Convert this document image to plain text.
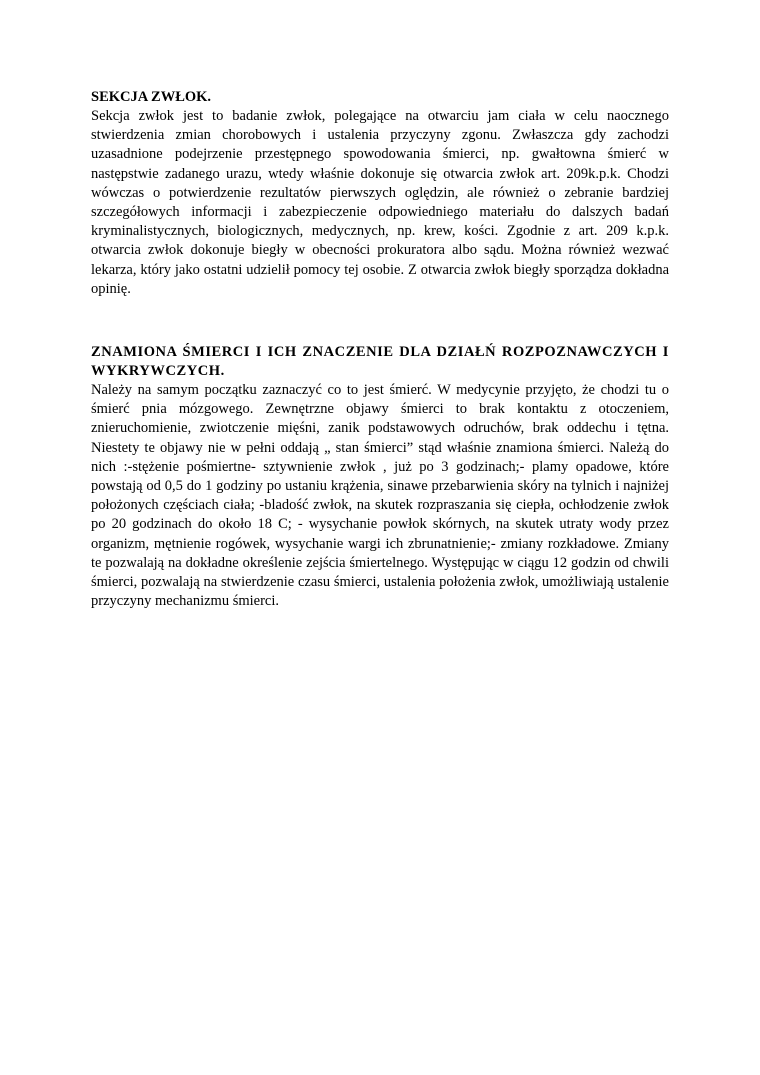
SEKCJA ZWŁOK.

Sekcja zwłok jest to badanie zwłok, polegające na otwarciu jam ciała w celu naocznego stwierdzenia zmian chorobowych i ustalenia przyczyny zgonu. Zwłaszcza gdy zachodzi uzasadnione podejrzenie przestępnego spowodowania śmierci, np. gwałtowna śmierć w następstwie zadanego urazu, wtedy właśnie dokonuje się otwarcia zwłok art. 209k.p.k. Chodzi wówczas o potwierdzenie rezultatów pierwszych oględzin, ale również o zebranie bardziej szczegółowych informacji i zabezpieczenie odpowiedniego materiału do dalszych badań kryminalistycznych, biologicznych, medycznych, np. krew, kości. Zgodnie z art. 209 k.p.k. otwarcia zwłok dokonuje biegły w obecności prokuratora albo sądu. Można również wezwać lekarza, który jako ostatni udzielił pomocy tej osobie. Z otwarcia zwłok biegły sporządza dokładna opinię.

ZNAMIONA ŚMIERCI I ICH ZNACZENIE DLA DZIAŁŃ ROZPOZNAWCZYCH I WYKRYWCZYCH.

Należy na samym początku zaznaczyć co to jest śmierć. W medycynie przyjęto, że chodzi tu o śmierć pnia mózgowego. Zewnętrzne objawy śmierci to brak kontaktu z otoczeniem, znieruchomienie, zwiotczenie mięśni, zanik podstawowych odruchów, brak oddechu i tętna. Niestety te objawy nie w pełni oddają „ stan śmierci” stąd właśnie znamiona śmierci. Należą do nich :-stężenie pośmiertne- sztywnienie zwłok , już po 3 godzinach;- plamy opadowe, które powstają od 0,5 do 1 godziny po ustaniu krążenia, sinawe przebarwienia skóry na tylnich i najniżej położonych częściach ciała; -bladość zwłok, na skutek rozpraszania się ciepła, ochłodzenie zwłok po 20 godzinach do około 18 C; - wysychanie powłok skórnych, na skutek utraty wody przez organizm, mętnienie rogówek, wysychanie wargi ich zbrunatnienie;- zmiany rozkładowe. Zmiany te pozwalają na dokładne określenie zejścia śmiertelnego. Występując w ciągu 12 godzin od chwili śmierci, pozwalają na stwierdzenie czasu śmierci, ustalenia położenia zwłok, umożliwiają ustalenie przyczyny mechanizmu śmierci.
